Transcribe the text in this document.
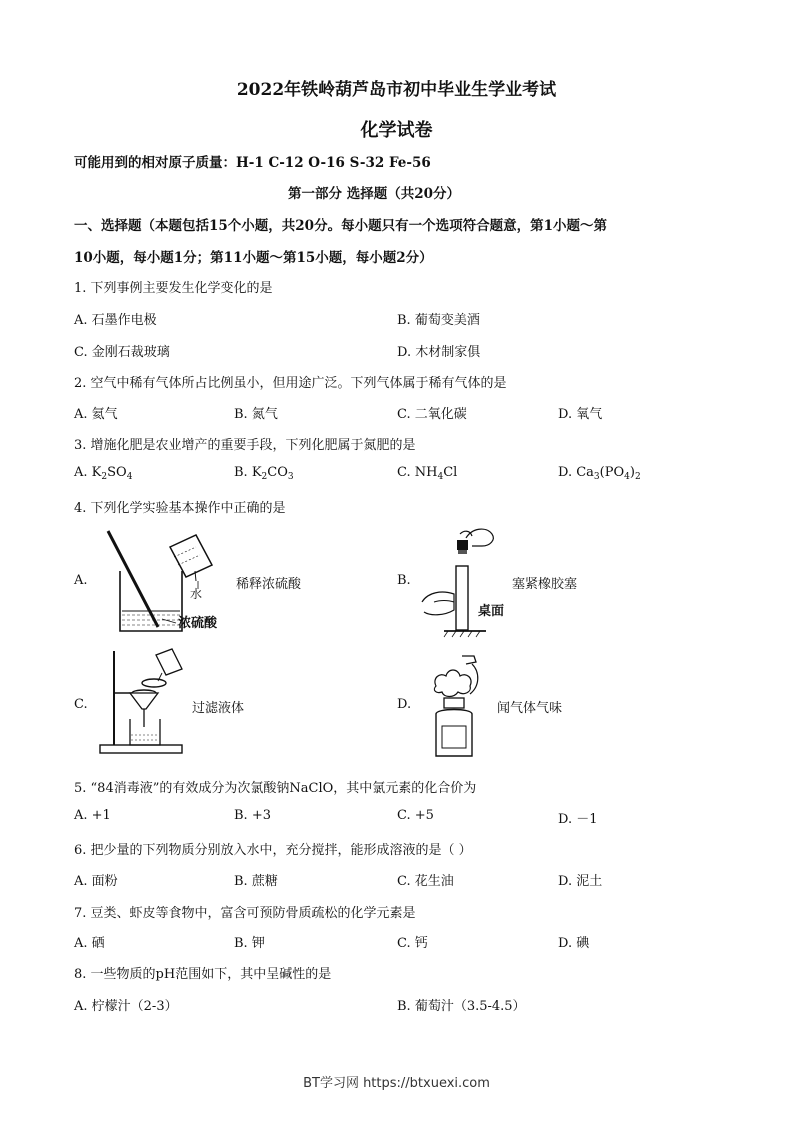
2022年铁岭葫芦岛市初中毕业生学业考试
化学试卷
可能用到的相对原子质量：H-1 C-12 O-16 S-32 Fe-56
第一部分 选择题（共20分）
一、选择题（本题包括15个小题，共20分。每小题只有一个选项符合题意，第1小题～第
10小题，每小题1分；第11小题～第15小题，每小题2分）
1. 下列事例主要发生化学变化的是
A. 石墨作电极	B. 葡萄变美酒
C. 金刚石裁玻璃	D. 木材制家俱
2. 空气中稀有气体所占比例虽小，但用途广泛。下列气体属于稀有气体的是
A. 氦气	B. 氮气	C. 二氧化碳	D. 氧气
3. 增施化肥是农业增产的重要手段，下列化肥属于氮肥的是
A. $K_2SO_4$	B. $K_2CO_3$	C. $NH_4Cl$	D. $Ca_3(PO_4)_2$
4. 下列化学实验基本操作中正确的是
A.
水
浓硫酸
稀释浓硫酸	B.
桌面
塞紧橡胶塞
C.	过滤液体	D.	闻气体气味
5. “84消毒液”的有效成分为次氯酸钠NaClO，其中氯元素的化合价为
A. +1	B. +3	C. +5	D. －1
6. 把少量的下列物质分别放入水中，充分搅拌，能形成溶液的是（ ）
A. 面粉	B. 蔗糖	C. 花生油	D. 泥土
7. 豆类、虾皮等食物中，富含可预防骨质疏松的化学元素是
A. 硒	B. 钾	C. 钙	D. 碘
8. 一些物质的pH范围如下，其中呈碱性的是
A. 柠檬汁（2-3）	B. 葡萄汁（3.5-4.5）
BT学习网 https://btxuexi.com
